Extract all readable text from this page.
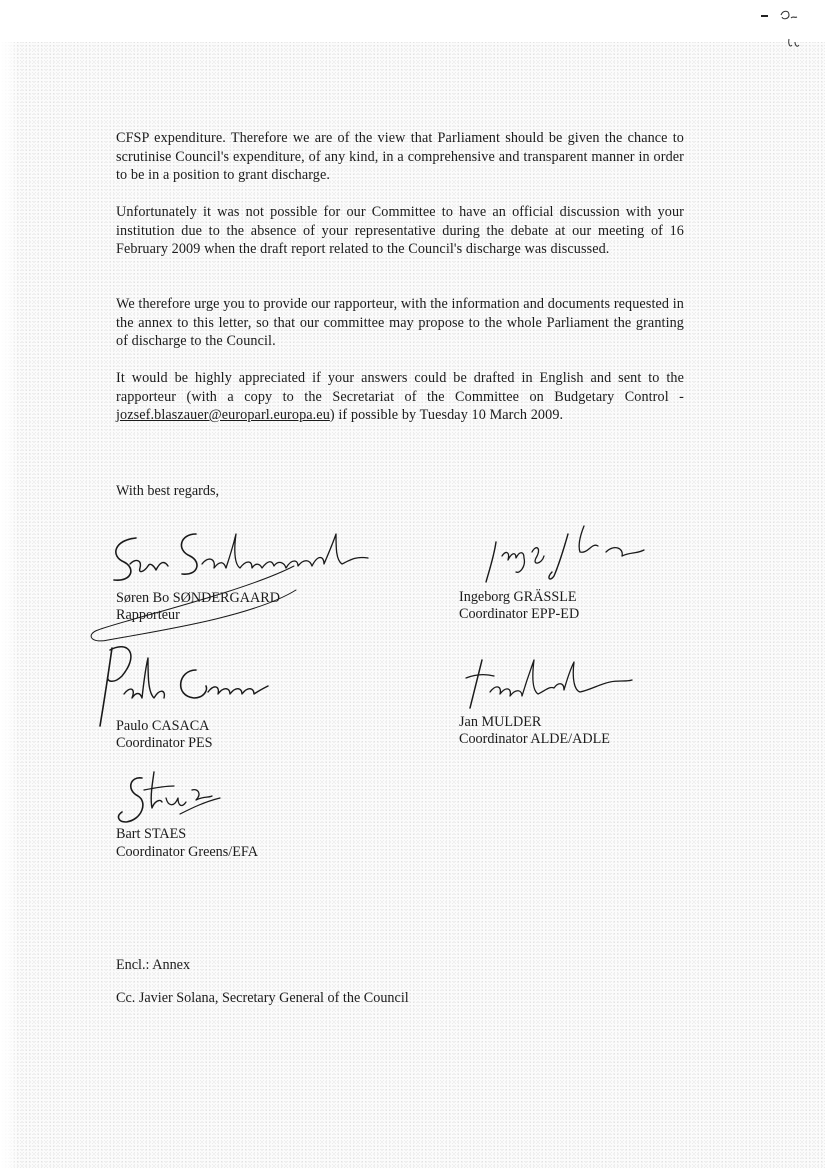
CFSP expenditure. Therefore we are of the view that Parliament should be given the chance to scrutinise Council's expenditure, of any kind, in a comprehensive and transparent manner in order to be in a position to grant discharge.

Unfortunately it was not possible for our Committee to have an official discussion with your institution due to the absence of your representative during the debate at our meeting of 16 February 2009 when the draft report related to the Council's discharge was discussed.

We therefore urge you to provide our rapporteur, with the information and documents requested in the annex to this letter, so that our committee may propose to the whole Parliament the granting of discharge to the Council.

It would be highly appreciated if your answers could be drafted in English and sent to the rapporteur (with a copy to the Secretariat of the Committee on Budgetary Control - jozsef.blaszauer@europarl.europa.eu) if possible by Tuesday 10 March 2009.

With best regards,

Søren Bo SØNDERGAARD

Rapporteur

Ingeborg GRÄSSLE

Coordinator EPP-ED

Paulo CASACA

Coordinator PES

Jan MULDER

Coordinator ALDE/ADLE

Bart STAES

Coordinator Greens/EFA

Encl.: Annex

Cc. Javier Solana, Secretary General of the Council
